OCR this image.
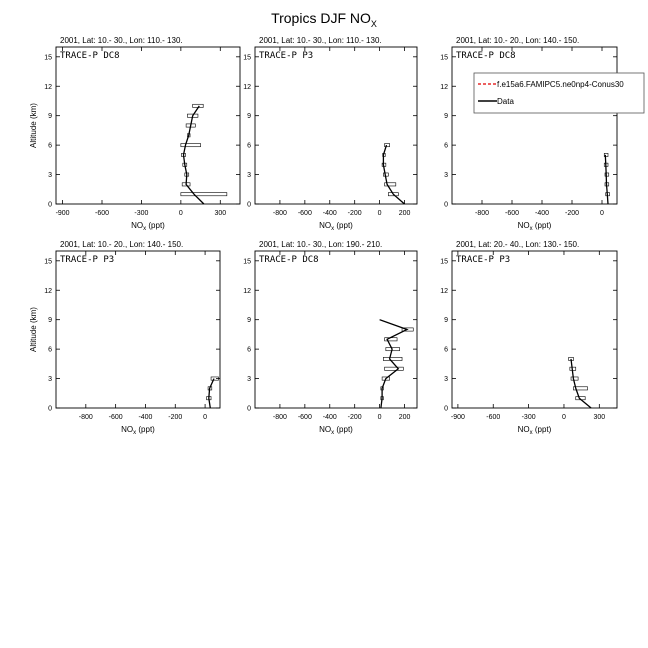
Tropics DJF $NO_X$
2001, Lat: 10.- 30., Lon: 110.- 130.
TRACE-P DC8
-900	-600	-300	0	300
0
3
6
9
12
15
$NO_x$ (ppt)
Altitude (km)
2001, Lat: 10.- 30., Lon: 110.- 130.
TRACE-P P3
-800 -600 -400 -200 0 200
0
3
6
9
12
15
$NO_x$ (ppt)
2001, Lat: 10.- 20., Lon: 140.- 150.
TRACE-P DC8
-800 -600 -400 -200	0
0
3
6
9
12
15
$NO_x$ (ppt)
2001, Lat: 10.- 20., Lon: 140.- 150.
TRACE-P P3
-800 -600 -400 -200	0
0
3
6
9
12
15
$NO_x$ (ppt)
Altitude (km)
2001, Lat: 10.- 30., Lon: 190.- 210.
TRACE-P DC8
-800 -600 -400 -200 0 200
0
3
6
9
12
15
$NO_x$ (ppt)
2001, Lat: 20.- 40., Lon: 130.- 150.
TRACE-P P3
-900	-600	-300	0	300
0
3
6
9
12
15
$NO_x$ (ppt)
f.e15a6.FAMIPC5.ne0np4-Conus30
Data
